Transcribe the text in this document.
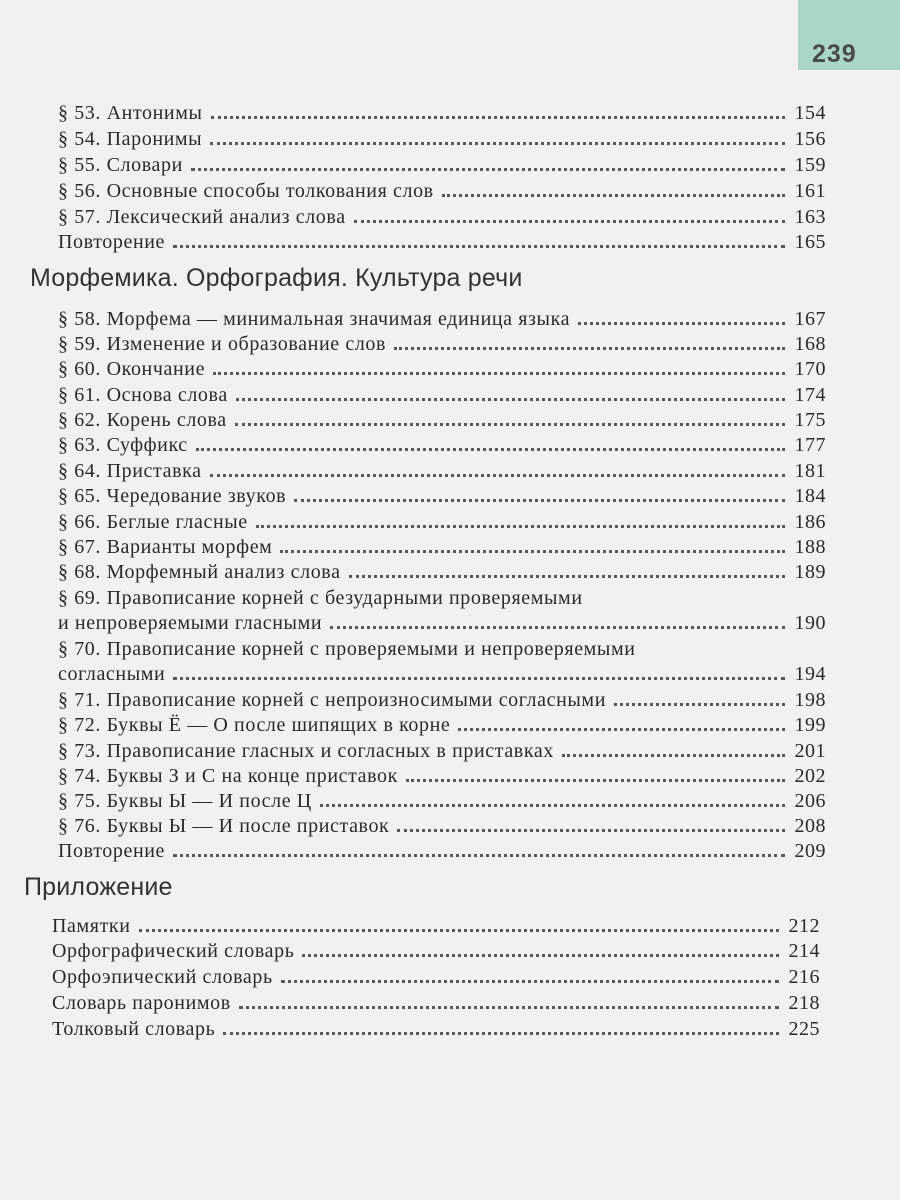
239
§ 53. Антонимы	154
§ 54. Паронимы	156
§ 55. Словари	159
§ 56. Основные способы толкования слов	161
§ 57. Лексический анализ слова	163
Повторение	165
Морфемика. Орфография. Культура речи
§ 58. Морфема — минимальная значимая единица языка	167
§ 59. Изменение и образование слов	168
§ 60. Окончание	170
§ 61. Основа слова	174
§ 62. Корень слова	175
§ 63. Суффикс	177
§ 64. Приставка	181
§ 65. Чередование звуков	184
§ 66. Беглые гласные	186
§ 67. Варианты морфем	188
§ 68. Морфемный анализ слова	189
§ 69. Правописание корней с безударными проверяемыми
и непроверяемыми гласными	190
§ 70. Правописание корней с проверяемыми и непроверяемыми
согласными	194
§ 71. Правописание корней с непроизносимыми согласными	198
§ 72. Буквы Ё — О после шипящих в корне	199
§ 73. Правописание гласных и согласных в приставках	201
§ 74. Буквы З и С на конце приставок	202
§ 75. Буквы Ы — И после Ц	206
§ 76. Буквы Ы — И после приставок	208
Повторение	209
Приложение
Памятки	212
Орфографический словарь	214
Орфоэпический словарь	216
Словарь паронимов	218
Толковый словарь	225
